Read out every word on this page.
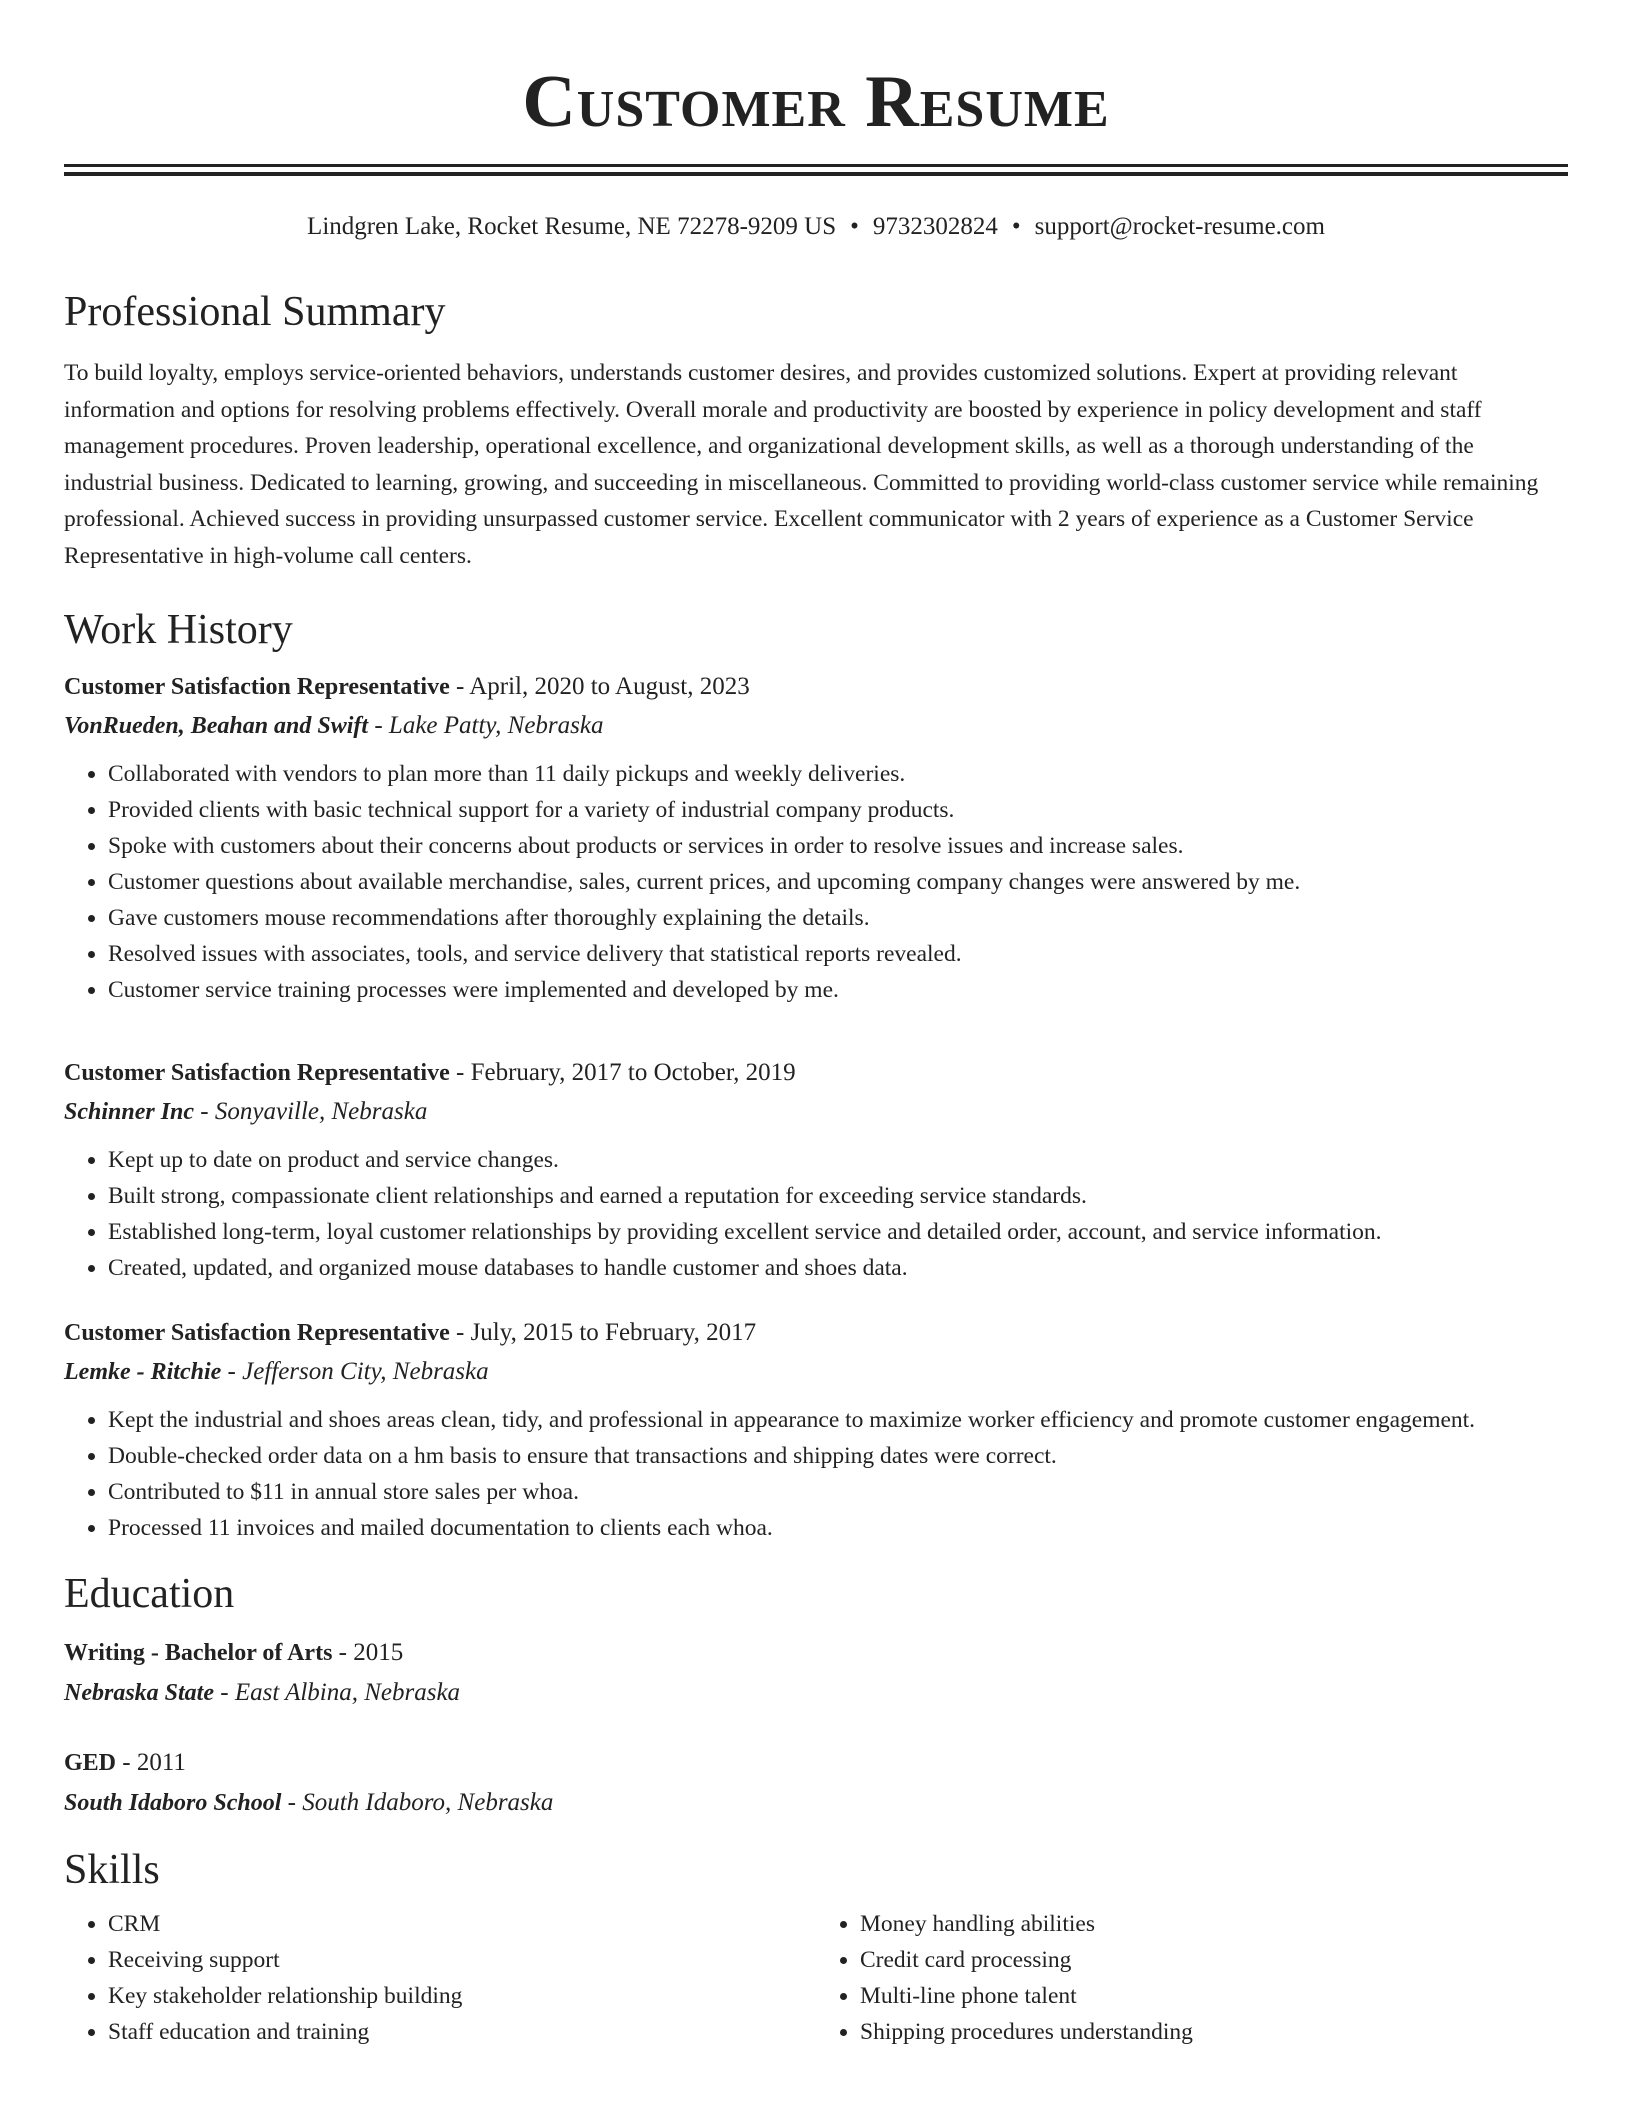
Customer Resume
Lindgren Lake, Rocket Resume, NE 72278-9209 US • 9732302824 • support@rocket-resume.com
Professional Summary

To build loyalty, employs service-oriented behaviors, understands customer desires, and provides customized solutions. Expert at providing relevant information and options for resolving problems effectively. Overall morale and productivity are boosted by experience in policy development and staff management procedures. Proven leadership, operational excellence, and organizational development skills, as well as a thorough understanding of the industrial business. Dedicated to learning, growing, and succeeding in miscellaneous. Committed to providing world-class customer service while remaining professional. Achieved success in providing unsurpassed customer service. Excellent communicator with 2 years of experience as a Customer Service Representative in high-volume call centers.

Work History
Customer Satisfaction Representative - April, 2020 to August, 2023
VonRueden, Beahan and Swift - Lake Patty, Nebraska
• Collaborated with vendors to plan more than 11 daily pickups and weekly deliveries.
• Provided clients with basic technical support for a variety of industrial company products.
• Spoke with customers about their concerns about products or services in order to resolve issues and increase sales.
• Customer questions about available merchandise, sales, current prices, and upcoming company changes were answered by me.
• Gave customers mouse recommendations after thoroughly explaining the details.
• Resolved issues with associates, tools, and service delivery that statistical reports revealed.
• Customer service training processes were implemented and developed by me.
Customer Satisfaction Representative - February, 2017 to October, 2019
Schinner Inc - Sonyaville, Nebraska
• Kept up to date on product and service changes.
• Built strong, compassionate client relationships and earned a reputation for exceeding service standards.
• Established long-term, loyal customer relationships by providing excellent service and detailed order, account, and service information.
• Created, updated, and organized mouse databases to handle customer and shoes data.
Customer Satisfaction Representative - July, 2015 to February, 2017
Lemke - Ritchie - Jefferson City, Nebraska
• Kept the industrial and shoes areas clean, tidy, and professional in appearance to maximize worker efficiency and promote customer engagement.
• Double-checked order data on a hm basis to ensure that transactions and shipping dates were correct.
• Contributed to $11 in annual store sales per whoa.
• Processed 11 invoices and mailed documentation to clients each whoa.
Education
Writing - Bachelor of Arts - 2015
Nebraska State - East Albina, Nebraska
GED - 2011
South Idaboro School - South Idaboro, Nebraska
Skills
• CRM
• Receiving support
• Key stakeholder relationship building
• Staff education and training
• Money handling abilities
• Credit card processing
• Multi-line phone talent
• Shipping procedures understanding
